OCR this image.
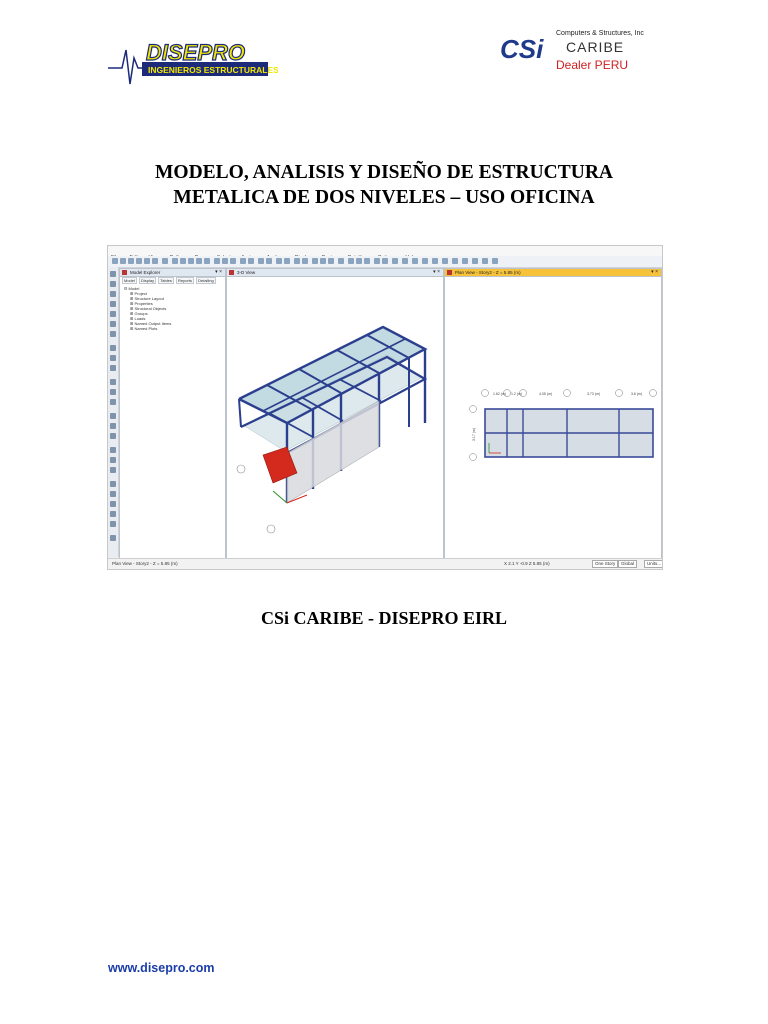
DISEPRO
INGENIEROS ESTRUCTURALES
CSi
Computers & Structures, Inc
CARIBE
Dealer PERU
MODELO, ANALISIS Y DISEÑO DE ESTRUCTURA
METALICA DE DOS NIVELES – USO OFICINA

Model Explorer	▾ ×
Model Display Tables Reports Detailing
⊟ Model
⊞ Project
⊞ Structure Layout
⊞ Properties
⊞ Structural Objects
⊞ Groups
⊞ Loads
⊞ Named Output Items
⊞ Named Plots
3-D View	▾ ×	Plan View - Story2 - Z = 5.85 (m)	▾ ×
1.62 (m) 1.2 (m)	4.05 (m)	3.73 (m)	3.6 (m)
3.17 (m)
Plan View - Story2 - Z = 5.85 (m)	X 2.1 Y -0.9 Z 5.85 (m)	One Story	Global	Units...
CSi CARIBE - DISEPRO EIRL
www.disepro.com
